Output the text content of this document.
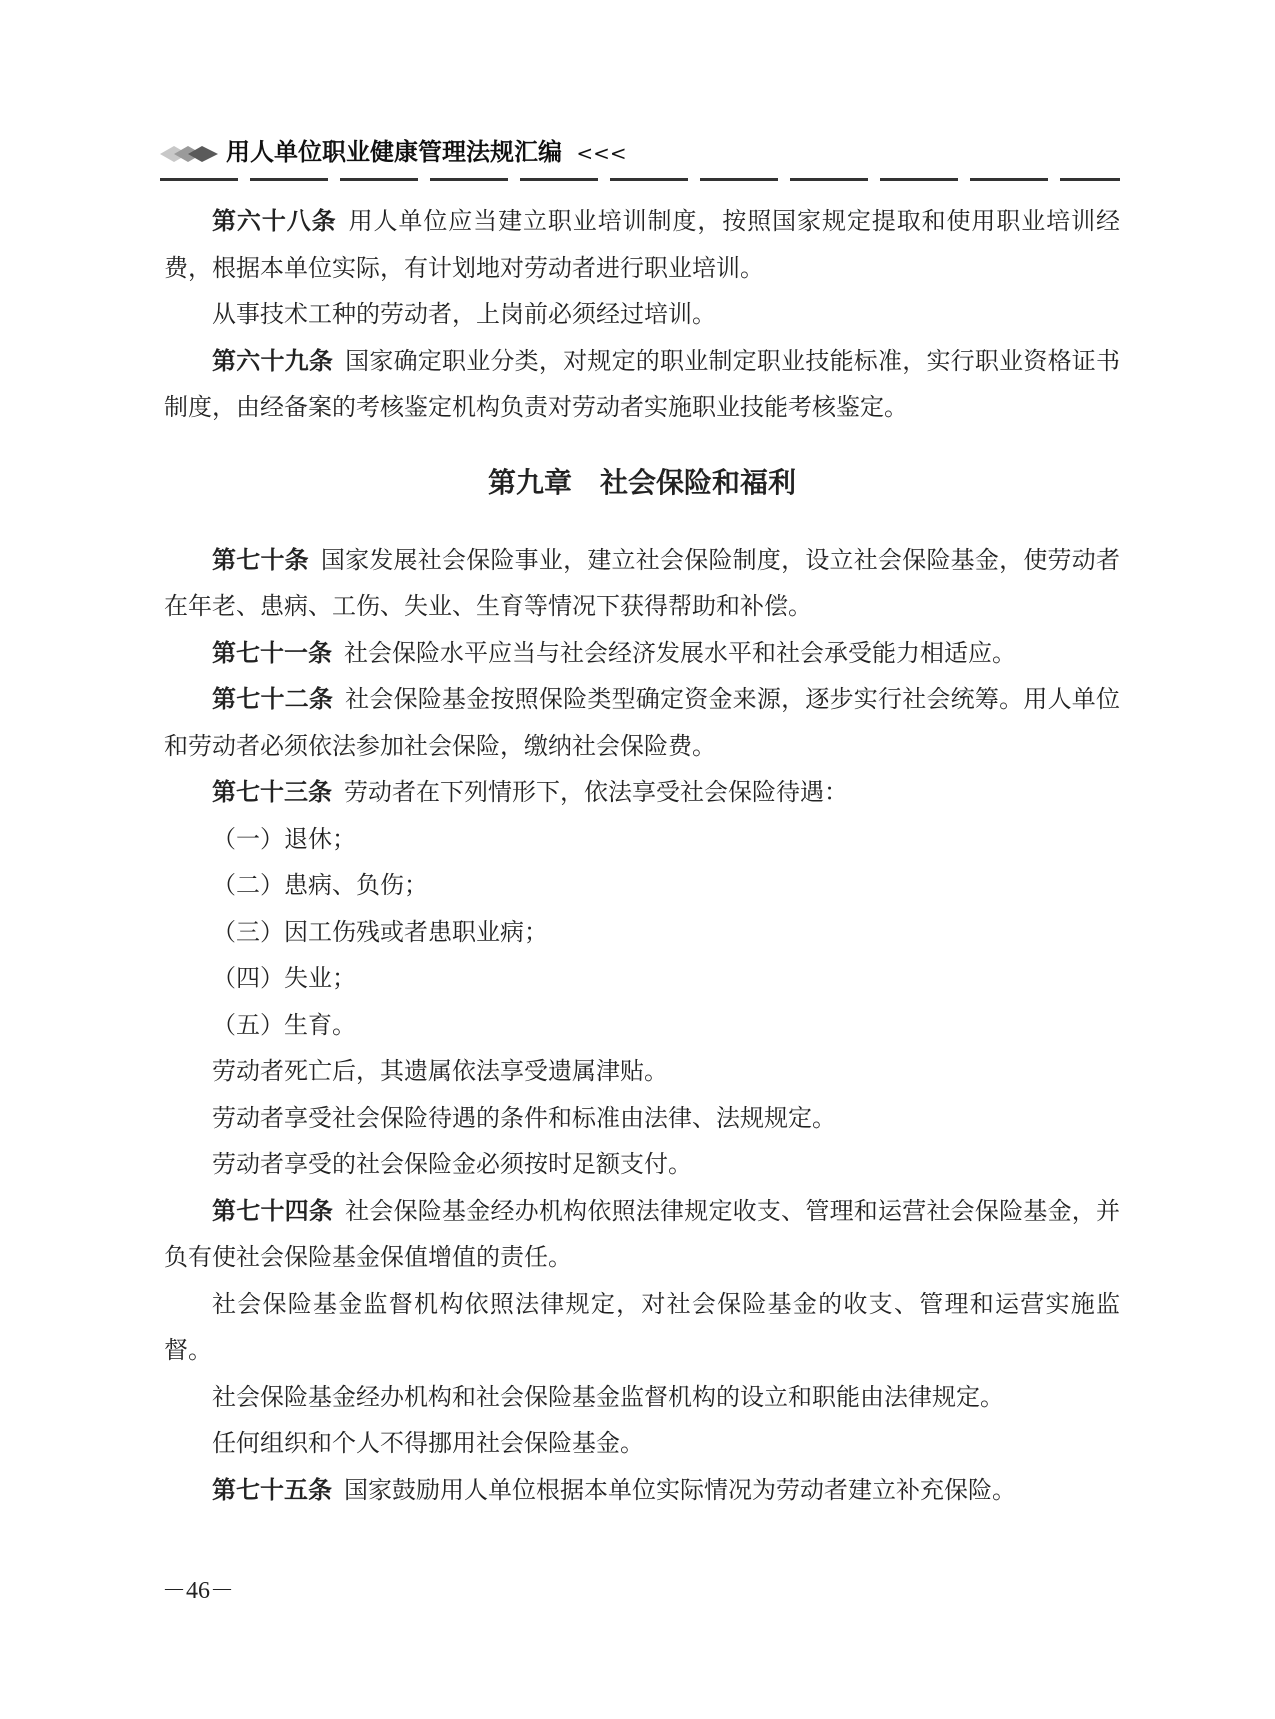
用人单位职业健康管理法规汇编 <<<

第六十八条 用人单位应当建立职业培训制度，按照国家规定提取和使用职业培训经费，根据本单位实际，有计划地对劳动者进行职业培训。

从事技术工种的劳动者，上岗前必须经过培训。

第六十九条 国家确定职业分类，对规定的职业制定职业技能标准，实行职业资格证书制度，由经备案的考核鉴定机构负责对劳动者实施职业技能考核鉴定。

第九章　社会保险和福利

第七十条 国家发展社会保险事业，建立社会保险制度，设立社会保险基金，使劳动者在年老、患病、工伤、失业、生育等情况下获得帮助和补偿。

第七十一条 社会保险水平应当与社会经济发展水平和社会承受能力相适应。

第七十二条 社会保险基金按照保险类型确定资金来源，逐步实行社会统筹。用人单位和劳动者必须依法参加社会保险，缴纳社会保险费。

第七十三条 劳动者在下列情形下，依法享受社会保险待遇：

（一）退休；

（二）患病、负伤；

（三）因工伤残或者患职业病；

（四）失业；

（五）生育。

劳动者死亡后，其遗属依法享受遗属津贴。

劳动者享受社会保险待遇的条件和标准由法律、法规规定。

劳动者享受的社会保险金必须按时足额支付。

第七十四条 社会保险基金经办机构依照法律规定收支、管理和运营社会保险基金，并负有使社会保险基金保值增值的责任。

社会保险基金监督机构依照法律规定，对社会保险基金的收支、管理和运营实施监督。

社会保险基金经办机构和社会保险基金监督机构的设立和职能由法律规定。

任何组织和个人不得挪用社会保险基金。

第七十五条 国家鼓励用人单位根据本单位实际情况为劳动者建立补充保险。

－46－
